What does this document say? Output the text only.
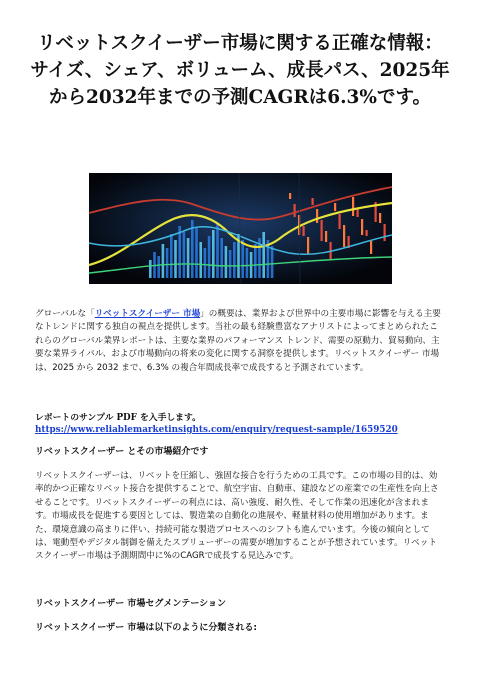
リベットスクイーザー市場に関する正確な情報：サイズ、シェア、ボリューム、成長パス、2025年から2032年までの予測CAGRは6.3%です。

グローバルな「リベットスクイーザー 市場」の概要は、業界および世界中の主要市場に影響を与える主要なトレンドに関する独自の視点を提供します。当社の最も経験豊富なアナリストによってまとめられたこれらのグローバル業界レポートは、主要な業界のパフォーマンス トレンド、需要の原動力、貿易動向、主要な業界ライバル、および市場動向の将来の変化に関する洞察を提供します。リベットスクイーザー 市場は、2025 から 2032 まで、6.3% の複合年間成長率で成長すると予測されています。

レポートのサンプル PDF を入手します。

https://www.reliablemarketinsights.com/enquiry/request-sample/1659520

リベットスクイーザー とその市場紹介です

リベットスクイーザーは、リベットを圧縮し、強固な接合を行うための工具です。この市場の目的は、効率的かつ正確なリベット接合を提供することで、航空宇宙、自動車、建設などの産業での生産性を向上させることです。リベットスクイーザーの利点には、高い強度、耐久性、そして作業の迅速化が含まれます。市場成長を促進する要因としては、製造業の自動化の進展や、軽量材料の使用増加があります。また、環境意識の高まりに伴い、持続可能な製造プロセスへのシフトも進んでいます。今後の傾向としては、電動型やデジタル制御を備えたスプリューザーの需要が増加することが予想されています。リベットスクイーザー市場は予測期間中に%のCAGRで成長する見込みです。

リベットスクイーザー 市場セグメンテーション

リベットスクイーザー 市場は以下のように分類される:
